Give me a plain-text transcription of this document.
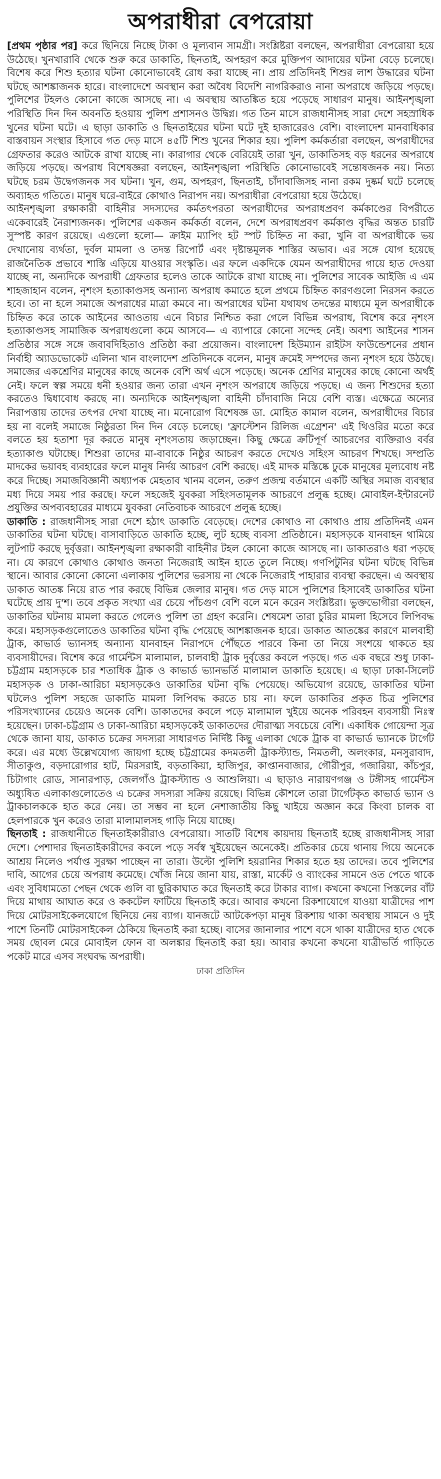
অপরাধীরা বেপরোয়া

[প্রথম পৃষ্ঠার পর] করে ছিনিয়ে নিচ্ছে টাকা ও মূল্যবান সামগ্রী। সংশ্লিষ্টরা বলছেন, অপরাধীরা বেপরোয়া হয়ে উঠেছে। খুনখারাবি থেকে শুরু করে ডাকাতি, ছিনতাই, অপহরণ করে মুক্তিপণ আদায়ের ঘটনা বেড়ে চলেছে। বিশেষ করে শিশু হত্যার ঘটনা কোনোভাবেই রোধ করা যাচ্ছে না। প্রায় প্রতিদিনই শিশুর লাশ উদ্ধারের ঘটনা ঘটছে আশঙ্কাজনক হারে। বাংলাদেশে অবস্থান করা অবৈধ বিদেশি নাগরিকরাও নানা অপরাধে জড়িয়ে পড়ছে। পুলিশের টহলও কোনো কাজে আসছে না। এ অবস্থায় আতঙ্কিত হয়ে পড়েছে সাধারণ মানুষ। আইনশৃঙ্খলা পরিস্থিতি দিন দিন অবনতি হওয়ায় পুলিশ প্রশাসনও উদ্বিগ্ন। গত তিন মাসে রাজধানীসহ সারা দেশে সহস্রাধিক খুনের ঘটনা ঘটে। এ ছাড়া ডাকাতি ও ছিনতাইয়ের ঘটনা ঘটে দুই হাজারেরও বেশি। বাংলাদেশ মানবাধিকার বাস্তবায়ন সংস্থার হিসাবে গত দেড় মাসে ৪৫টি শিশু খুনের শিকার হয়। পুলিশ কর্মকর্তারা বলছেন, অপরাধীদের গ্রেফতার করেও আটকে রাখা যাচ্ছে না। কারাগার থেকে বেরিয়েই তারা খুন, ডাকাতিসহ বড় ধরনের অপরাধে জড়িয়ে পড়ছে। অপরাধ বিশেষজ্ঞরা বলছেন, আইনশৃঙ্খলা পরিস্থিতি কোনোভাবেই সন্তোষজনক নয়। নিত্য ঘটছে চরম উদ্বেগজনক সব ঘটনা। খুন, গুম, অপহরণ, ছিনতাই, চাঁদাবাজিসহ নানা রকম দুষ্কর্ম ঘটে চলেছে অব্যাহত গতিতে। মানুষ ঘরে-বাইরে কোথাও নিরাপদ নয়। অপরাধীরা বেপরোয়া হয়ে উঠেছে।

আইনশৃঙ্খলা রক্ষাকারী বাহিনীর সদস্যদের কর্মতৎপরতা অপরাধীদের অপরাধপ্রবণ কর্মকাণ্ডের বিপরীতে একেবারেই নৈরাশ্যজনক। পুলিশের একজন কর্মকর্তা বলেন, দেশে অপরাধপ্রবণ কর্মকাণ্ড বৃদ্ধির অন্তত চারটি সুস্পষ্ট কারণ রয়েছে। এগুলো হলো— ক্রাইম ম্যাপিং হট স্পট চিহ্নিত না করা, খুনি বা অপরাধীকে ভয় দেখানোয় ব্যর্থতা, দুর্বল মামলা ও তদন্ত রিপোর্ট এবং দৃষ্টান্তমূলক শাস্তির অভাব। এর সঙ্গে যোগ হয়েছে রাজনৈতিক প্রভাবে শাস্তি এড়িয়ে যাওয়ার সংস্কৃতি। এর ফলে একদিকে যেমন অপরাধীদের গায়ে হাত দেওয়া যাচ্ছে না, অন্যদিকে অপরাধী গ্রেফতার হলেও তাকে আটকে রাখা যাচ্ছে না। পুলিশের সাবেক আইজি এ এম শাহজাহান বলেন, নৃশংস হত্যাকাণ্ডসহ অন্যান্য অপরাধ কমাতে হলে প্রথমে চিহ্নিত কারণগুলো নিরসন করতে হবে। তা না হলে সমাজে অপরাধের মাত্রা কমবে না। অপরাধের ঘটনা যথাযথ তদন্তের মাধ্যমে মূল অপরাধীকে চিহ্নিত করে তাকে আইনের আওতায় এনে বিচার নিশ্চিত করা গেলে বিভিন্ন অপরাধ, বিশেষ করে নৃশংস হত্যাকাণ্ডসহ সামাজিক অপরাধগুলো কমে আসবে— এ ব্যাপারে কোনো সন্দেহ নেই। অবশ্য আইনের শাসন প্রতিষ্ঠার সঙ্গে সঙ্গে জবাবদিহিতাও প্রতিষ্ঠা করা প্রয়োজন। বাংলাদেশ হিউম্যান রাইটস ফাউন্ডেশনের প্রধান নির্বাহী অ্যাডভোকেট এলিনা খান বাংলাদেশ প্রতিদিনকে বলেন, মানুষ ক্রমেই সম্পদের জন্য নৃশংস হয়ে উঠছে। সমাজের একশ্রেণির মানুষের কাছে অনেক বেশি অর্থ এসে পড়েছে। অনেক শ্রেণির মানুষের কাছে কোনো অর্থই নেই। ফলে স্বল্প সময়ে ধনী হওয়ার জন্য তারা এখন নৃশংস অপরাধে জড়িয়ে পড়ছে। এ জন্য শিশুদের হত্যা করতেও দ্বিধাবোধ করছে না। অন্যদিকে আইনশৃঙ্খলা বাহিনী চাঁদাবাজি নিয়ে বেশি ব্যস্ত। এক্ষেত্রে অন্যের নিরাপত্তায় তাদের তৎপর দেখা যাচ্ছে না। মনোরোগ বিশেষজ্ঞ ডা. মোহিত কামাল বলেন, অপরাধীদের বিচার হয় না বলেই সমাজে নিষ্ঠুরতা দিন দিন বেড়ে চলেছে। 'ফ্রাস্টেশন রিলিজ এগ্রেশন' এই থিওরির মতো করে বলতে হয় হতাশা দূর করতে মানুষ নৃশংসতায় জড়াচ্ছেন। কিছু ক্ষেত্রে ক্রটিপূর্ণ আচরণের ব্যক্তিরাও বর্বর হত্যাকাণ্ড ঘটাচ্ছে। শিশুরা তাদের মা-বাবাকে নিষ্ঠুর আচরণ করতে দেখেও সহিংস আচরণ শিখছে। সম্প্রতি মাদকের ভয়াবহ ব্যবহারের ফলে মানুষ নির্দয় আচরণ বেশি করছে। এই মাদক মস্তিষ্কে ঢুকে মানুষের মূল্যবোধ নষ্ট করে দিচ্ছে। সমাজবিজ্ঞানী অধ্যাপক মেহতাব খানম বলেন, তরুণ প্রজন্ম বর্তমানে একটি অস্থির সমাজ ব্যবস্থার মধ্য দিয়ে সময় পার করছে। ফলে সহজেই যুবকরা সহিংসতামূলক আচরণে প্রলুব্ধ হচ্ছে। মোবাইল-ইন্টারনেট প্রযুক্তির অপব্যবহারের মাধ্যমে যুবকরা নেতিবাচক আচরণে প্রলুব্ধ হচ্ছে।

ডাকাতি : রাজধানীসহ সারা দেশে হঠাৎ ডাকাতি বেড়েছে। দেশের কোথাও না কোথাও প্রায় প্রতিদিনই এমন ডাকাতির ঘটনা ঘটছে। বাসাবাড়িতে ডাকাতি হচ্ছে, লুট হচ্ছে ব্যবসা প্রতিষ্ঠানে। মহাসড়কে যানবাহন থামিয়ে লুটপাট করছে দুর্বৃত্তরা। আইনশৃঙ্খলা রক্ষাকারী বাহিনীর টহল কোনো কাজে আসছে না। ডাকাতরাও ধরা পড়ছে না। যে কারণে কোথাও কোথাও জনতা নিজেরাই আইন হাতে তুলে নিচ্ছে। গণপিটুনির ঘটনা ঘটছে বিভিন্ন স্থানে। আবার কোনো কোনো এলাকায় পুলিশের ভরসায় না থেকে নিজেরাই পাহারার ব্যবস্থা করছেন। এ অবস্থায় ডাকাত আতঙ্ক নিয়ে রাত পার করছে বিভিন্ন জেলার মানুষ। গত দেড় মাসে পুলিশের হিসাবেই ডাকাতির ঘটনা ঘটেছে প্রায় দু'শ। তবে প্রকৃত সংখ্যা এর চেয়ে পাঁচগুণ বেশি বলে মনে করেন সংশ্লিষ্টরা। ভুক্তভোগীরা বলছেন, ডাকাতির ঘটনায় মামলা করতে গেলেও পুলিশ তা গ্রহণ করেনি। শেষমেশ তারা চুরির মামলা হিসেবে লিপিবদ্ধ করে। মহাসড়কগুলোতেও ডাকাতির ঘটনা বৃদ্ধি পেয়েছে আশঙ্কাজনক হারে। ডাকাত আতঙ্কের কারণে মালবাহী ট্রাক, কাভার্ড ভ্যানসহ অন্যান্য যানবাহন নিরাপদে পৌঁছতে পারবে কিনা তা নিয়ে সংশয়ে থাকতে হয় ব্যবসায়ীদের। বিশেষ করে গার্মেন্টস মালামাল, চালবাহী ট্রাক দুর্বৃত্তের কবলে পড়ছে। গত এক বছরে শুধু ঢাকা-চট্টগ্রাম মহাসড়কে চার শতাধিক ট্রাক ও কাভার্ড ভ্যানভর্তি মালামাল ডাকাতি হয়েছে। এ ছাড়া ঢাকা-সিলেট মহাসড়ক ও ঢাকা-আরিচা মহাসড়কেও ডাকাতির ঘটনা বৃদ্ধি পেয়েছে। অভিযোগ রয়েছে, ডাকাতির ঘটনা ঘটলেও পুলিশ সহজে ডাকাতি মামলা লিপিবদ্ধ করতে চায় না। ফলে ডাকাতির প্রকৃত চিত্র পুলিশের পরিসংখ্যানের চেয়েও অনেক বেশি। ডাকাতদের কবলে পড়ে মালামাল খুইয়ে অনেক পরিবহন ব্যবসায়ী নিঃস্ব হয়েছেন। ঢাকা-চট্টগ্রাম ও ঢাকা-আরিচা মহাসড়কেই ডাকাতদের দৌরাত্ম্য সবচেয়ে বেশি। একাধিক গোয়েন্দা সূত্র থেকে জানা যায়, ডাকাত চক্রের সদস্যরা সাধারণত নির্দিষ্ট কিছু এলাকা থেকে ট্রাক বা কাভার্ড ভ্যানকে টার্গেট করে। এর মধ্যে উল্লেখযোগ্য জায়গা হচ্ছে চট্টগ্রামের কদমতলী ট্রাকস্ট্যান্ড, নিমতলী, অলংকার, মনসুরাবাদ, সীতাকুণ্ড, বড়দারোগার হাট, মিরসরাই, বড়তাকিয়া, হাজিপুর, কাপ্তানবাজার, গৌরীপুর, গজারিয়া, কাঁচপুর, চিটাগাং রোড, সানারপাড়, জেলগাঁও ট্রাকস্ট্যান্ড ও আশুলিয়া। এ ছাড়াও নারায়ণগঞ্জ ও টঙ্গীসহ গার্মেন্টস অধ্যুষিত এলাকাগুলোতেও এ চক্রের সদস্যরা সক্রিয় রয়েছে। বিভিন্ন কৌশলে তারা টার্গেটকৃত কাভার্ড ভ্যান ও ট্রাকচালককে হাত করে নেয়। তা সম্ভব না হলে নেশাজাতীয় কিছু খাইয়ে অজ্ঞান করে কিংবা চালক বা হেলপারকে খুন করেও তারা মালামালসহ গাড়ি নিয়ে যাচ্ছে।

ছিনতাই : রাজধানীতে ছিনতাইকারীরাও বেপরোয়া। সাতটি বিশেষ কায়দায় ছিনতাই হচ্ছে রাজধানীসহ সারা দেশে। পেশাদার ছিনতাইকারীদের কবলে পড়ে সর্বস্ব খুইয়েছেন অনেকেই। প্রতিকার চেয়ে থানায় গিয়ে অনেকে আশ্রয় নিলেও পর্যাপ্ত সুরক্ষা পাচ্ছেন না তারা। উল্টো পুলিশি হয়রানির শিকার হতে হয় তাদের। তবে পুলিশের দাবি, আগের চেয়ে অপরাধ কমেছে। খোঁজ নিয়ে জানা যায়, রাস্তা, মার্কেট ও ব্যাংকের সামনে ওত পেতে থাকে এবং সুবিধামতো পেছন থেকে গুলি বা ছুরিকাঘাত করে ছিনতাই করে টাকার ব্যাগ। কখনো কখনো পিস্তলের বাঁট দিয়ে মাথায় আঘাত করে ও ককটেল ফাটিয়ে ছিনতাই করে। আবার কখনো রিকশাযোগে যাওয়া যাত্রীদের পাশ দিয়ে মোটরসাইকেলযোগে ছিনিয়ে নেয় ব্যাগ। যানজটে আটকেপড়া মানুষ রিকশায় থাকা অবস্থায় সামনে ও দুই পাশে তিনটি মোটরসাইকেল ঠেকিয়ে ছিনতাই করা হচ্ছে। বাসের জানালার পাশে বসে থাকা যাত্রীদের হাত থেকে সময় ছোবল মেরে মোবাইল ফোন বা অলঙ্কার ছিনতাই করা হয়। আবার কখনো কখনো যাত্রীভর্তি গাড়িতে পকেট মারে এসব সংঘবদ্ধ অপরাধী।

ঢাকা প্রতিদিন
